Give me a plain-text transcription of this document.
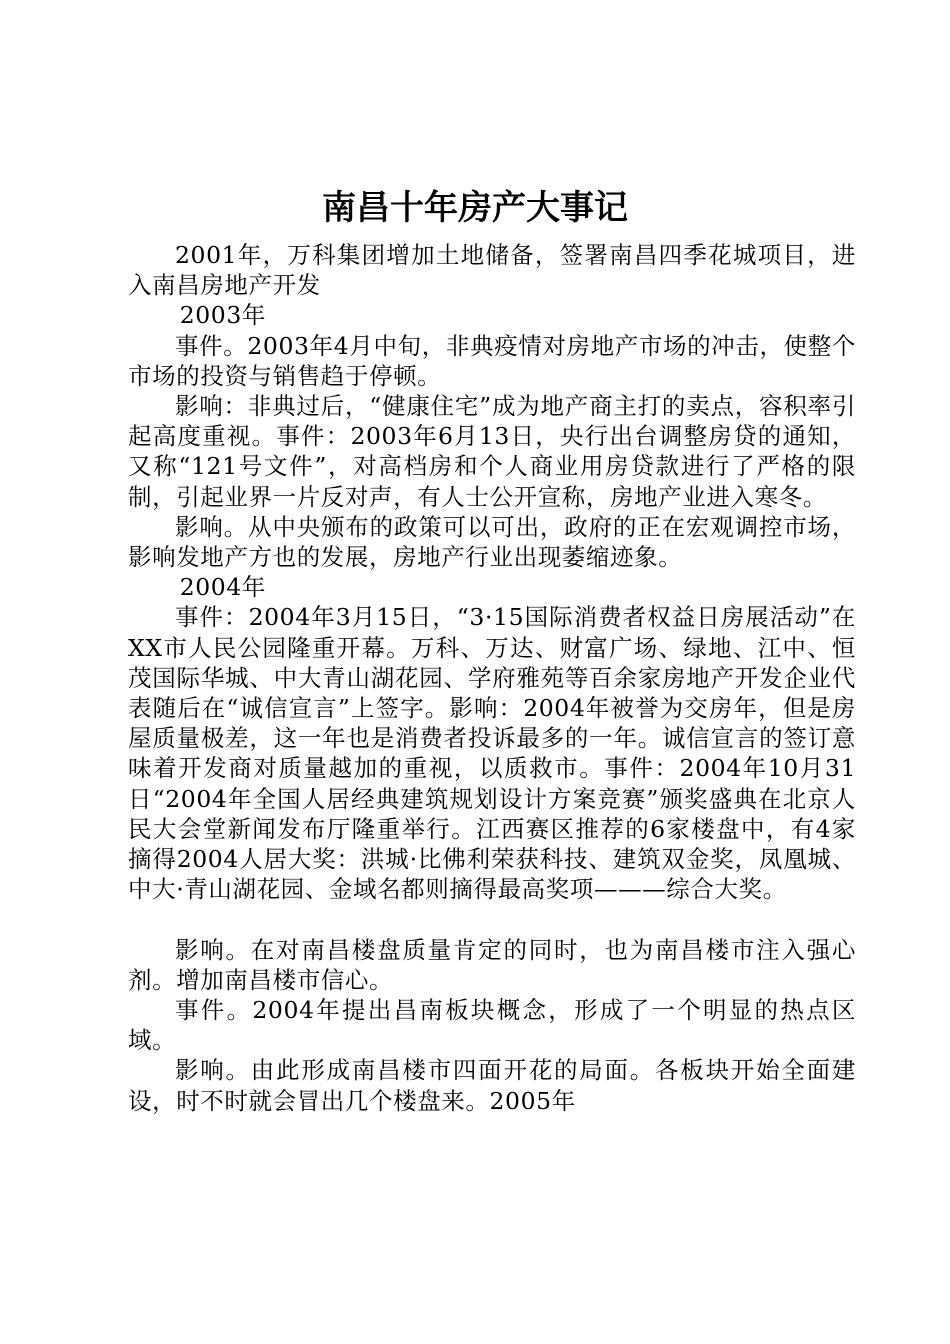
南昌十年房产大事记

2001年，万科集团增加土地储备，签署南昌四季花城项目，进入南昌房地产开发

2003年

事件。2003年4月中旬，非典疫情对房地产市场的冲击，使整个市场的投资与销售趋于停顿。

影响：非典过后，“健康住宅”成为地产商主打的卖点，容积率引起高度重视。事件：2003年6月13日，央行出台调整房贷的通知，又称“121号文件”，对高档房和个人商业用房贷款进行了严格的限制，引起业界一片反对声，有人士公开宣称，房地产业进入寒冬。

影响。从中央颁布的政策可以可出，政府的正在宏观调控市场，影响发地产方也的发展，房地产行业出现萎缩迹象。

2004年

事件：2004年3月15日，“3·15国际消费者权益日房展活动”在XX市人民公园隆重开幕。万科、万达、财富广场、绿地、江中、恒茂国际华城、中大青山湖花园、学府雅苑等百余家房地产开发企业代表随后在“诚信宣言”上签字。影响：2004年被誉为交房年，但是房屋质量极差，这一年也是消费者投诉最多的一年。诚信宣言的签订意味着开发商对质量越加的重视，以质救市。事件：2004年10月31日“2004年全国人居经典建筑规划设计方案竞赛”颁奖盛典在北京人民大会堂新闻发布厅隆重举行。江西赛区推荐的6家楼盘中，有4家摘得2004人居大奖：洪城·比佛利荣获科技、建筑双金奖，凤凰城、中大·青山湖花园、金域名都则摘得最高奖项———综合大奖。

影响。在对南昌楼盘质量肯定的同时，也为南昌楼市注入强心剂。增加南昌楼市信心。

事件。2004年提出昌南板块概念，形成了一个明显的热点区域。

影响。由此形成南昌楼市四面开花的局面。各板块开始全面建设，时不时就会冒出几个楼盘来。2005年
